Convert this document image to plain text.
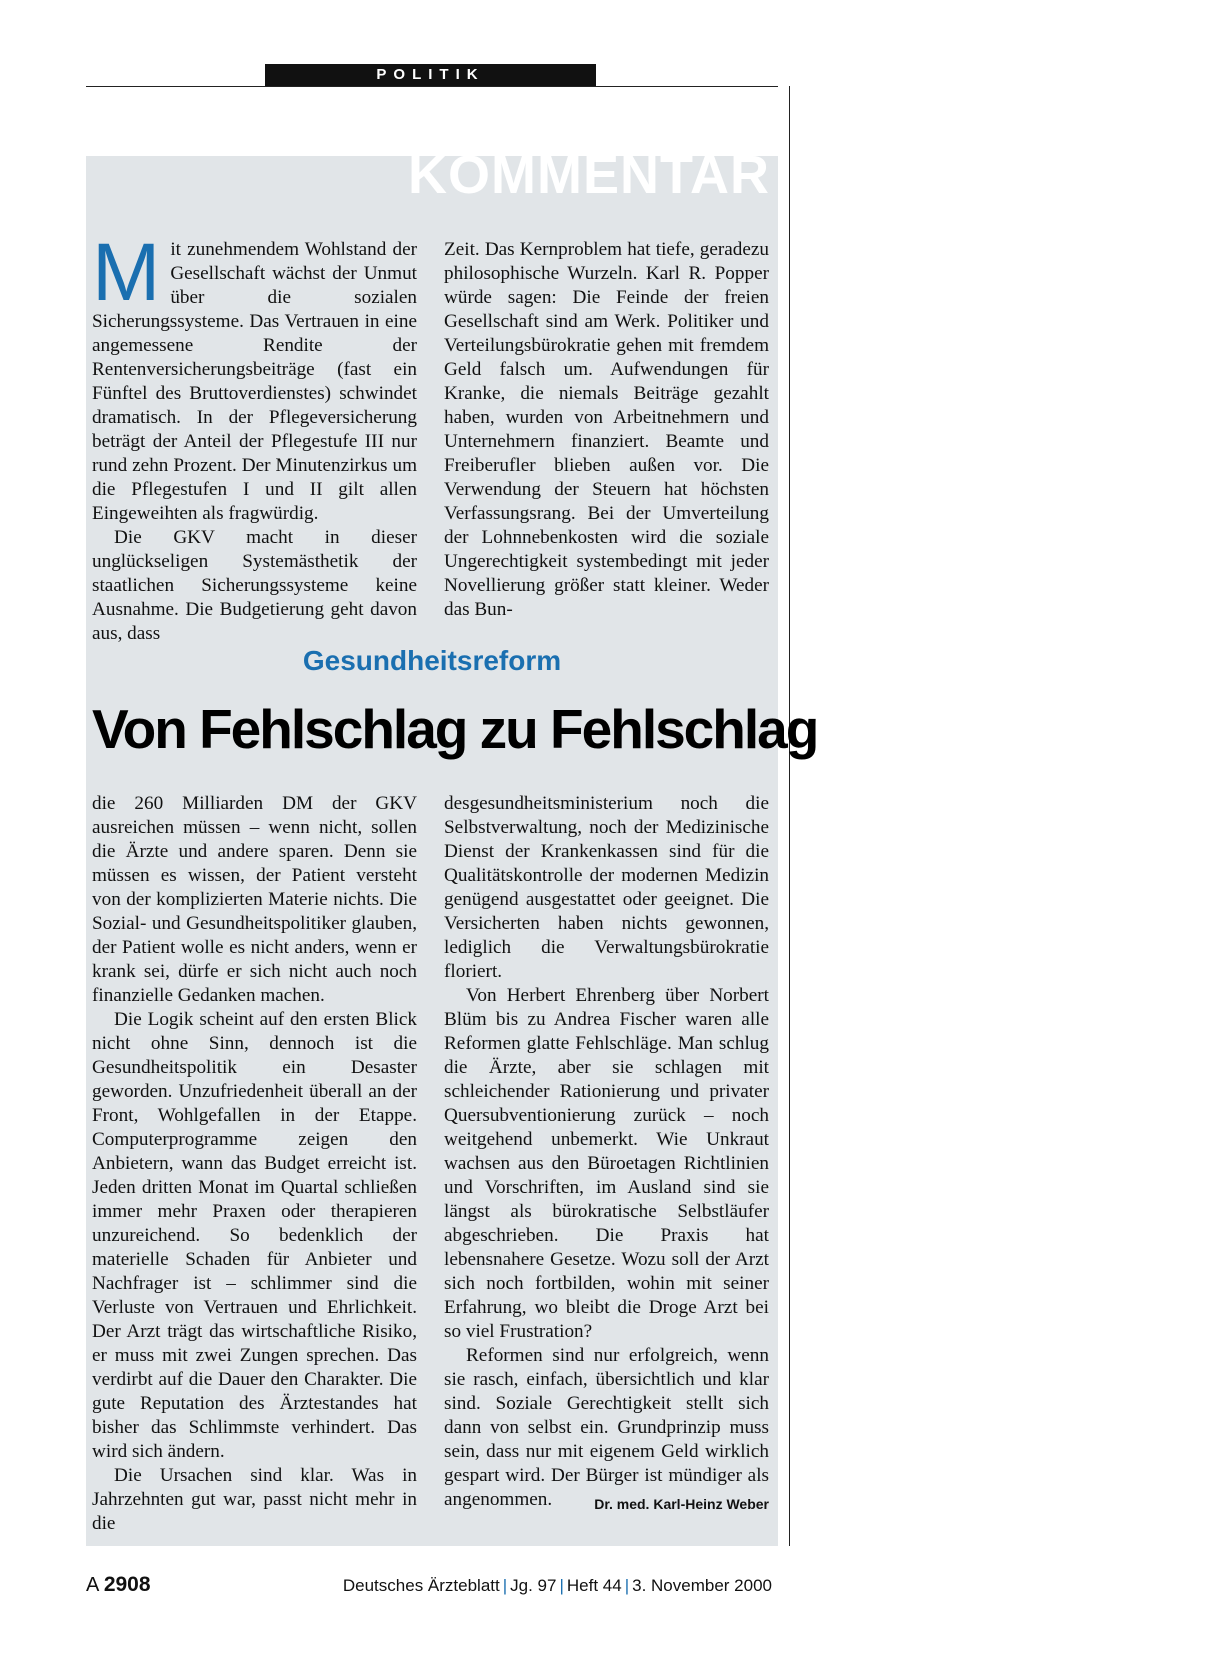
POLITIK
KOMMENTAR

Mit zunehmendem Wohlstand der Gesellschaft wächst der Unmut über die sozialen Sicherungssysteme. Das Vertrauen in eine angemessene Rendite der Rentenversicherungsbeiträge (fast ein Fünftel des Bruttoverdienstes) schwindet dramatisch. In der Pflegeversicherung beträgt der Anteil der Pflegestufe III nur rund zehn Prozent. Der Minutenzirkus um die Pflegestufen I und II gilt allen Eingeweihten als fragwürdig.

Die GKV macht in dieser unglückseligen Systemästhetik der staatlichen Sicherungssysteme keine Ausnahme. Die Budgetierung geht davon aus, dass

Zeit. Das Kernproblem hat tiefe, geradezu philosophische Wurzeln. Karl R. Popper würde sagen: Die Feinde der freien Gesellschaft sind am Werk. Politiker und Verteilungsbürokratie gehen mit fremdem Geld falsch um. Aufwendungen für Kranke, die niemals Beiträge gezahlt haben, wurden von Arbeitnehmern und Unternehmern finanziert. Beamte und Freiberufler blieben außen vor. Die Verwendung der Steuern hat höchsten Verfassungsrang. Bei der Umverteilung der Lohnnebenkosten wird die soziale Ungerechtigkeit systembedingt mit jeder Novellierung größer statt kleiner. Weder das Bun-

Gesundheitsreform
Von Fehlschlag zu Fehlschlag

die 260 Milliarden DM der GKV ausreichen müssen – wenn nicht, sollen die Ärzte und andere sparen. Denn sie müssen es wissen, der Patient versteht von der komplizierten Materie nichts. Die Sozial- und Gesundheitspolitiker glauben, der Patient wolle es nicht anders, wenn er krank sei, dürfe er sich nicht auch noch finanzielle Gedanken machen.

Die Logik scheint auf den ersten Blick nicht ohne Sinn, dennoch ist die Gesundheitspolitik ein Desaster geworden. Unzufriedenheit überall an der Front, Wohlgefallen in der Etappe. Computerprogramme zeigen den Anbietern, wann das Budget erreicht ist. Jeden dritten Monat im Quartal schließen immer mehr Praxen oder therapieren unzureichend. So bedenklich der materielle Schaden für Anbieter und Nachfrager ist – schlimmer sind die Verluste von Vertrauen und Ehrlichkeit. Der Arzt trägt das wirtschaftliche Risiko, er muss mit zwei Zungen sprechen. Das verdirbt auf die Dauer den Charakter. Die gute Reputation des Ärztestandes hat bisher das Schlimmste verhindert. Das wird sich ändern.

Die Ursachen sind klar. Was in Jahrzehnten gut war, passt nicht mehr in die

desgesundheitsministerium noch die Selbstverwaltung, noch der Medizinische Dienst der Krankenkassen sind für die Qualitätskontrolle der modernen Medizin genügend ausgestattet oder geeignet. Die Versicherten haben nichts gewonnen, lediglich die Verwaltungsbürokratie floriert.

Von Herbert Ehrenberg über Norbert Blüm bis zu Andrea Fischer waren alle Reformen glatte Fehlschläge. Man schlug die Ärzte, aber sie schlagen mit schleichender Rationierung und privater Quersubventionierung zurück – noch weitgehend unbemerkt. Wie Unkraut wachsen aus den Büroetagen Richtlinien und Vorschriften, im Ausland sind sie längst als bürokratische Selbstläufer abgeschrieben. Die Praxis hat lebensnahere Gesetze. Wozu soll der Arzt sich noch fortbilden, wohin mit seiner Erfahrung, wo bleibt die Droge Arzt bei so viel Frustration?

Reformen sind nur erfolgreich, wenn sie rasch, einfach, übersichtlich und klar sind. Soziale Gerechtigkeit stellt sich dann von selbst ein. Grundprinzip muss sein, dass nur mit eigenem Geld wirklich gespart wird. Der Bürger ist mündiger als angenommen.	Dr. med. Karl-Heinz Weber

A 2908	Deutsches Ärzteblatt | Jg. 97 | Heft 44 | 3. November 2000
